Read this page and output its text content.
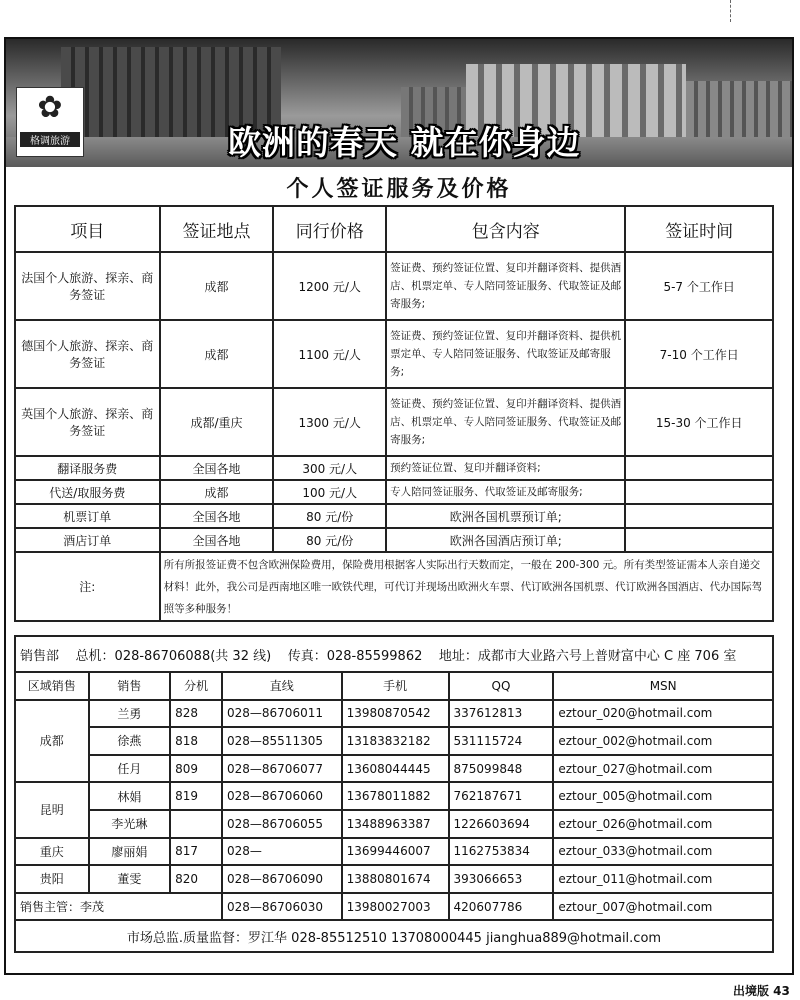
✿
格调旅游	欧洲的春天 就在你身边
个人签证服务及价格
项目	签证地点	同行价格	包含内容	签证时间
法国个人旅游、探亲、商务签证	成都	1200 元/人	签证费、预约签证位置、复印并翻译资料、提供酒店、机票定单、专人陪同签证服务、代取签证及邮寄服务;	5-7 个工作日
德国个人旅游、探亲、商务签证	成都	1100 元/人	签证费、预约签证位置、复印并翻译资料、提供机票定单、专人陪同签证服务、代取签证及邮寄服务;	7-10 个工作日
英国个人旅游、探亲、商务签证	成都/重庆	1300 元/人	签证费、预约签证位置、复印并翻译资料、提供酒店、机票定单、专人陪同签证服务、代取签证及邮寄服务;	15-30 个工作日
翻译服务费	全国各地	300 元/人	预约签证位置、复印并翻译资料;	
代送/取服务费	成都	100 元/人	专人陪同签证服务、代取签证及邮寄服务;	
机票订单	全国各地	80 元/份	欧洲各国机票预订单;	
酒店订单	全国各地	80 元/份	欧洲各国酒店预订单;	
注:	所有所报签证费不包含欧洲保险费用，保险费用根据客人实际出行天数而定，一般在 200-300 元。所有类型签证需本人亲自递交材料！此外，我公司是西南地区唯一欧铁代理，可代订并现场出欧洲火车票、代订欧洲各国机票、代订欧洲各国酒店、代办国际驾照等多种服务！			
销售部 总机：028-86706088(共 32 线) 传真：028-85599862 地址：成都市大业路六号上普财富中心 C 座 706 室						
区域销售	销售	分机	直线	手机	QQ	MSN
成都	兰勇	828	028—86706011	13980870542	337612813	eztour_020@hotmail.com
	徐燕	818	028—85511305	13183832182	531115724	eztour_002@hotmail.com
	任月	809	028—86706077	13608044445	875099848	eztour_027@hotmail.com
昆明	林娟	819	028—86706060	13678011882	762187671	eztour_005@hotmail.com
	李光琳		028—86706055	13488963387	1226603694	eztour_026@hotmail.com
重庆	廖丽娟	817	028—	13699446007	1162753834	eztour_033@hotmail.com
贵阳	董雯	820	028—86706090	13880801674	393066653	eztour_011@hotmail.com
销售主管：李茂			028—86706030	13980027003	420607786	eztour_007@hotmail.com
市场总监.质量监督：罗江华 028-85512510 13708000445 jianghua889@hotmail.com						
出境版 43
